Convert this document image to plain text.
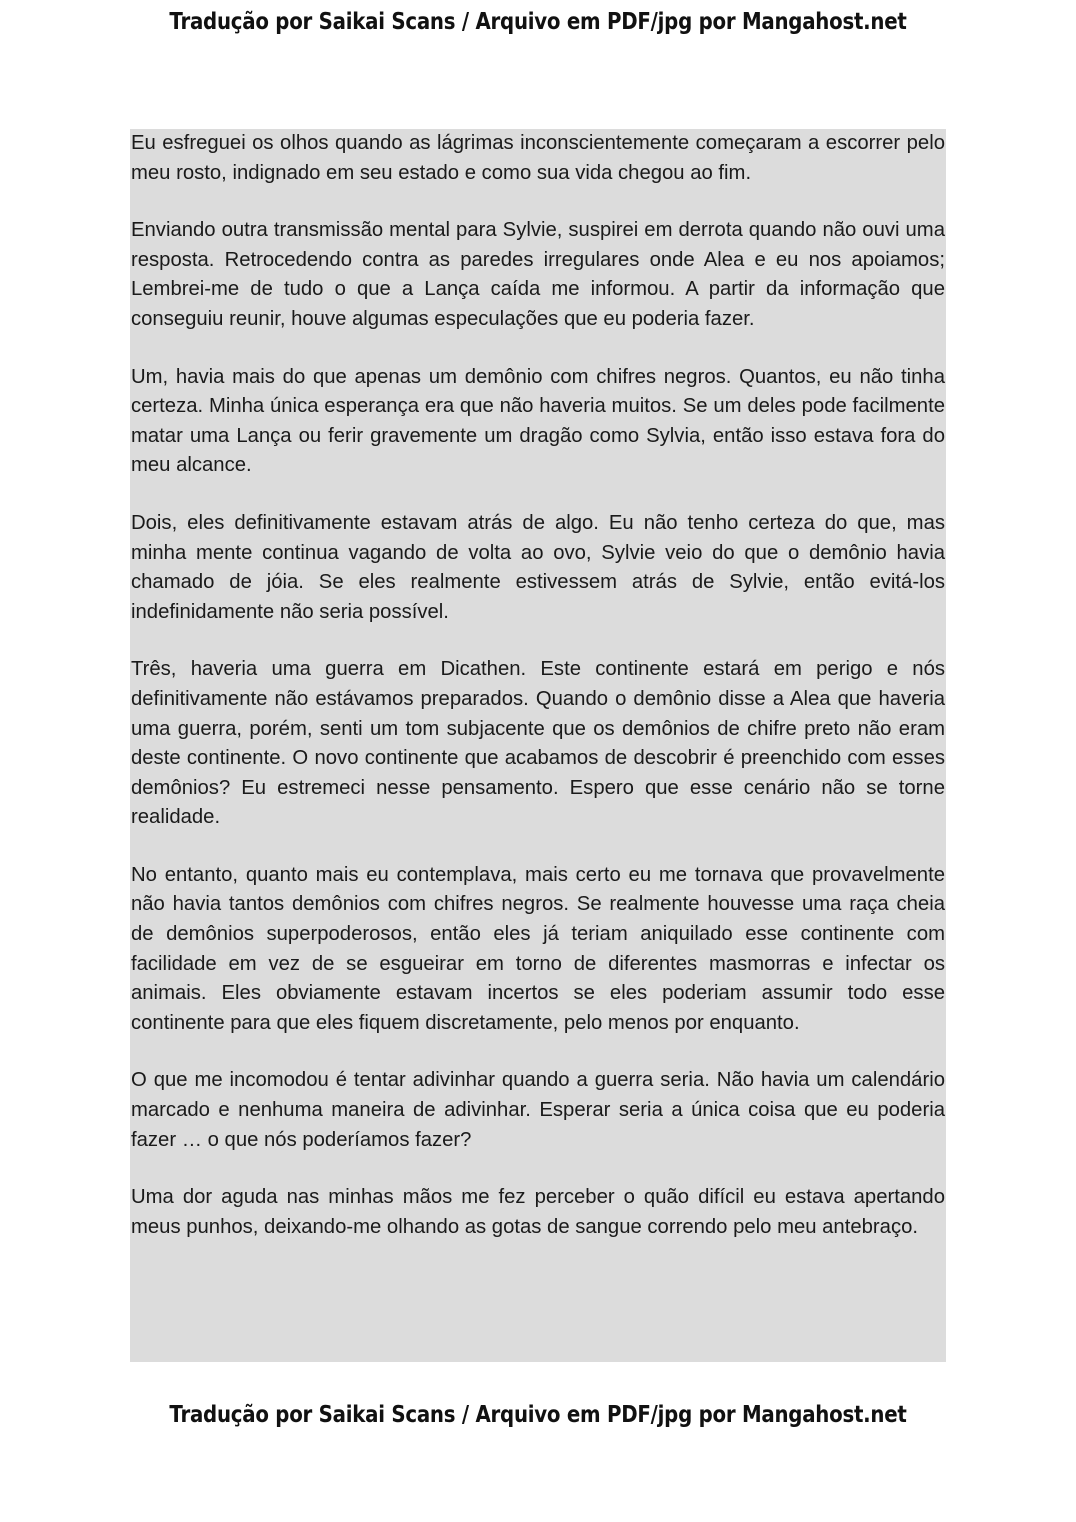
Tradução por Saikai Scans / Arquivo em PDF/jpg por Mangahost.net

Eu esfreguei os olhos quando as lágrimas inconscientemente começaram a escorrer pelo meu rosto, indignado em seu estado e como sua vida chegou ao fim.

Enviando outra transmissão mental para Sylvie, suspirei em derrota quando não ouvi uma resposta. Retrocedendo contra as paredes irregulares onde Alea e eu nos apoiamos; Lembrei-me de tudo o que a Lança caída me informou. A partir da informação que conseguiu reunir, houve algumas especulações que eu poderia fazer.

Um, havia mais do que apenas um demônio com chifres negros. Quantos, eu não tinha certeza. Minha única esperança era que não haveria muitos. Se um deles pode facilmente matar uma Lança ou ferir gravemente um dragão como Sylvia, então isso estava fora do meu alcance.

Dois, eles definitivamente estavam atrás de algo. Eu não tenho certeza do que, mas minha mente continua vagando de volta ao ovo, Sylvie veio do que o demônio havia chamado de jóia. Se eles realmente estivessem atrás de Sylvie, então evitá-los indefinidamente não seria possível.

Três, haveria uma guerra em Dicathen. Este continente estará em perigo e nós definitivamente não estávamos preparados. Quando o demônio disse a Alea que haveria uma guerra, porém, senti um tom subjacente que os demônios de chifre preto não eram deste continente. O novo continente que acabamos de descobrir é preenchido com esses demônios? Eu estremeci nesse pensamento. Espero que esse cenário não se torne realidade.

No entanto, quanto mais eu contemplava, mais certo eu me tornava que provavelmente não havia tantos demônios com chifres negros. Se realmente houvesse uma raça cheia de demônios superpoderosos, então eles já teriam aniquilado esse continente com facilidade em vez de se esgueirar em torno de diferentes masmorras e infectar os animais. Eles obviamente estavam incertos se eles poderiam assumir todo esse continente para que eles fiquem discretamente, pelo menos por enquanto.

O que me incomodou é tentar adivinhar quando a guerra seria. Não havia um calendário marcado e nenhuma maneira de adivinhar. Esperar seria a única coisa que eu poderia fazer … o que nós poderíamos fazer?

Uma dor aguda nas minhas mãos me fez perceber o quão difícil eu estava apertando meus punhos, deixando-me olhando as gotas de sangue correndo pelo meu antebraço.

Tradução por Saikai Scans / Arquivo em PDF/jpg por Mangahost.net
